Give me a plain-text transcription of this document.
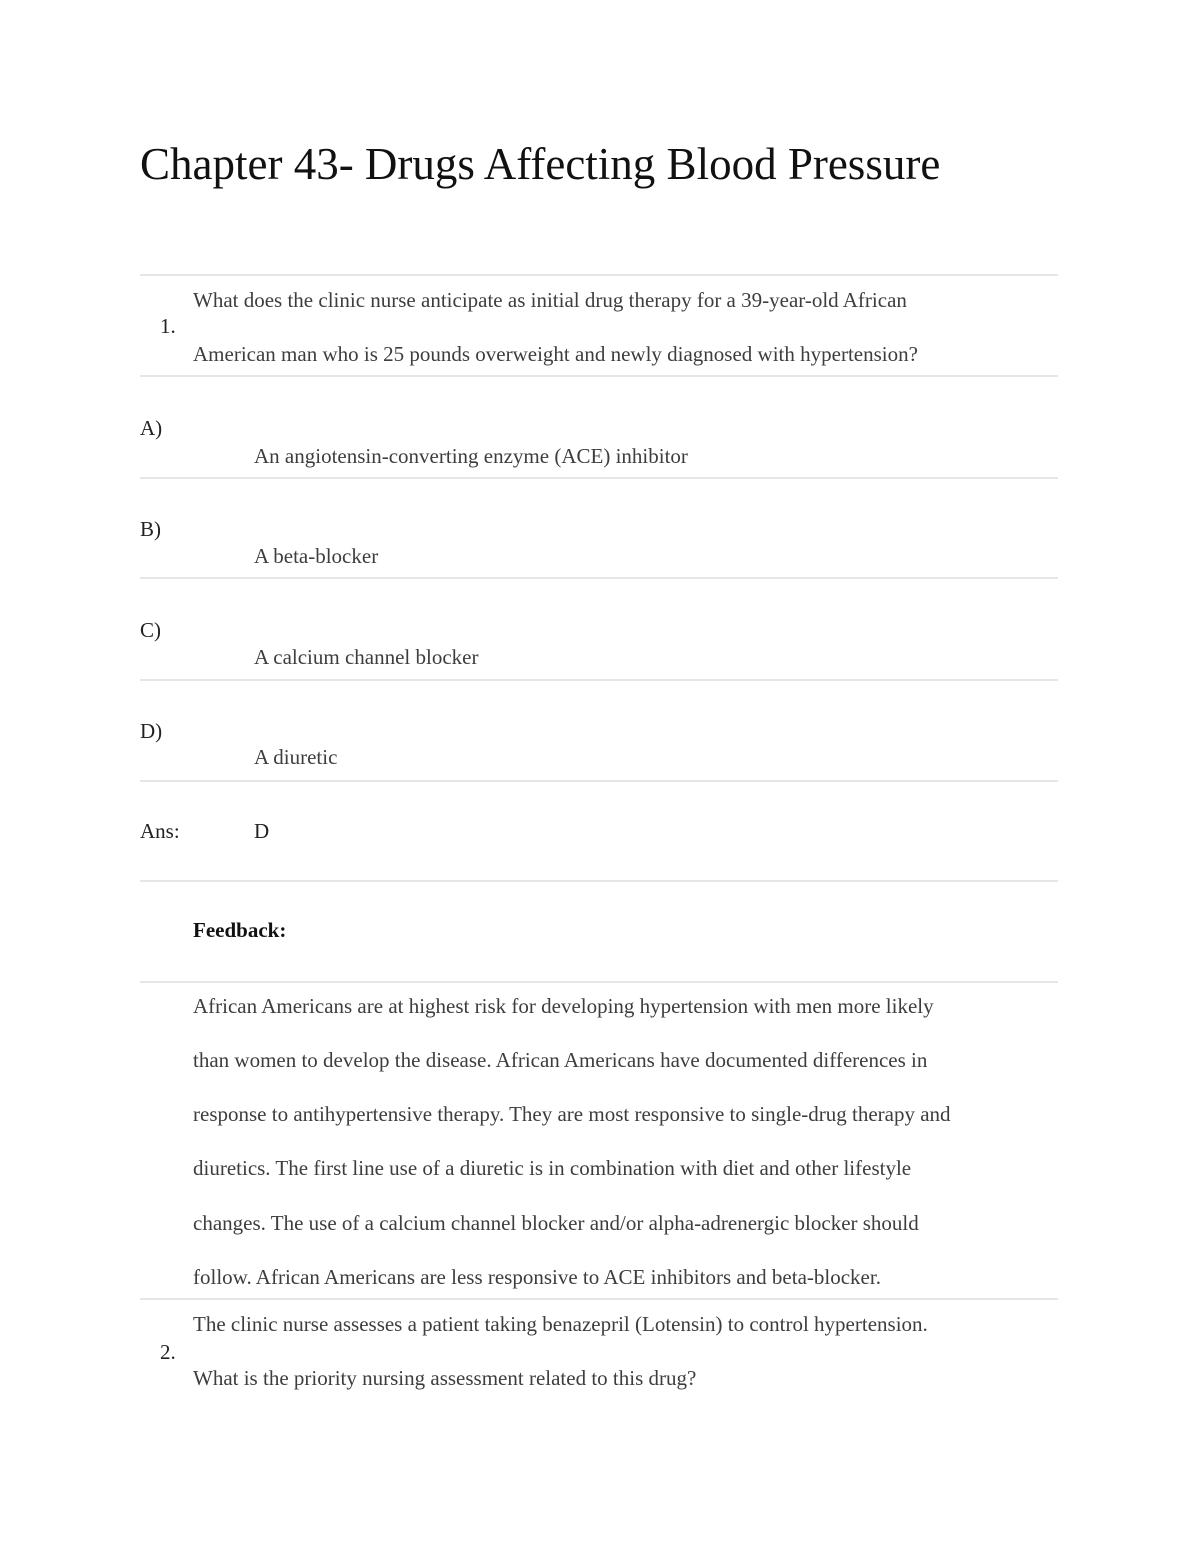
Chapter 43- Drugs Affecting Blood Pressure
1.
What does the clinic nurse anticipate as initial drug therapy for a 39-year-old African
American man who is 25 pounds overweight and newly diagnosed with hypertension?
A)
An angiotensin-converting enzyme (ACE) inhibitor
B)
A beta-blocker
C)
A calcium channel blocker
D)
A diuretic
Ans:	D
Feedback:
African Americans are at highest risk for developing hypertension with men more likely
than women to develop the disease. African Americans have documented differences in
response to antihypertensive therapy. They are most responsive to single-drug therapy and
diuretics. The first line use of a diuretic is in combination with diet and other lifestyle
changes. The use of a calcium channel blocker and/or alpha-adrenergic blocker should
follow. African Americans are less responsive to ACE inhibitors and beta-blocker.
2.
The clinic nurse assesses a patient taking benazepril (Lotensin) to control hypertension.
What is the priority nursing assessment related to this drug?
